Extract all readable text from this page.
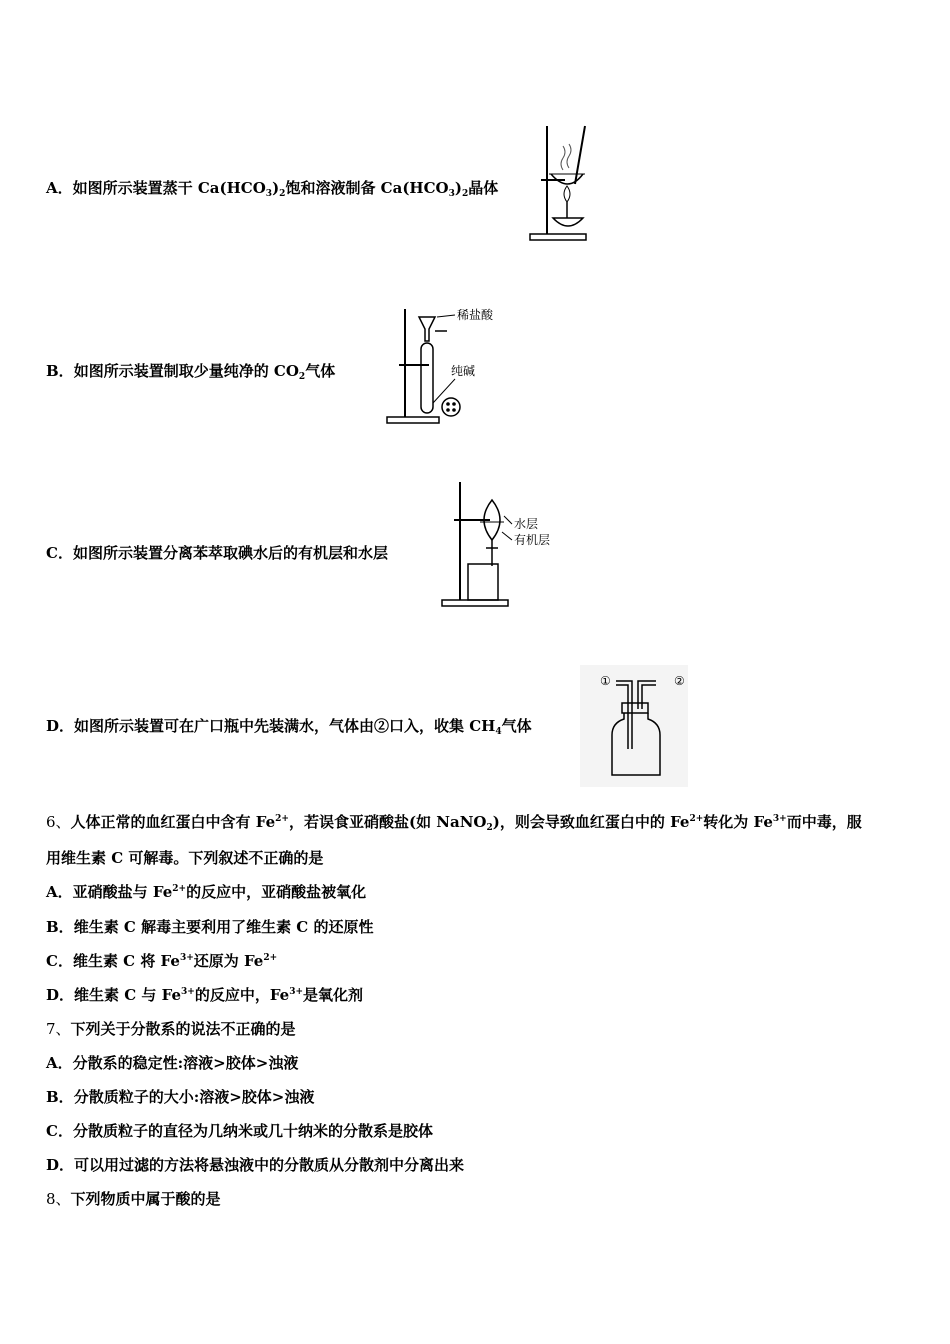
A．如图所示装置蒸干 $Ca(HCO_3)_2$饱和溶液制备 $Ca(HCO_3)_2$晶体
B．如图所示装置制取少量纯净的 $CO_2$气体
稀盐酸
纯碱
C．如图所示装置分离苯萃取碘水后的有机层和水层
水层
有机层
D．如图所示装置可在广口瓶中先装满水，气体由②口入，收集 $CH_4$气体
①	②
6、人体正常的血红蛋白中含有 $Fe^{2+}$，若误食亚硝酸盐(如 NaNO$_2$)，则会导致血红蛋白中的 $Fe^{2+}$转化为 $Fe^{3+}$而中毒，服
用维生素 C 可解毒。下列叙述不正确的是
A．亚硝酸盐与 $Fe^{2+}$的反应中，亚硝酸盐被氧化
B．维生素 C 解毒主要利用了维生素 C 的还原性
C．维生素 C 将 $Fe^{3+}$还原为 $Fe^{2+}$
D．维生素 C 与 $Fe^{3+}$的反应中，$Fe^{3+}$是氧化剂
7、下列关于分散系的说法不正确的是
A．分散系的稳定性:溶液>胶体>浊液
B．分散质粒子的大小:溶液>胶体>浊液
C．分散质粒子的直径为几纳米或几十纳米的分散系是胶体
D．可以用过滤的方法将悬浊液中的分散质从分散剂中分离出来
8、下列物质中属于酸的是
